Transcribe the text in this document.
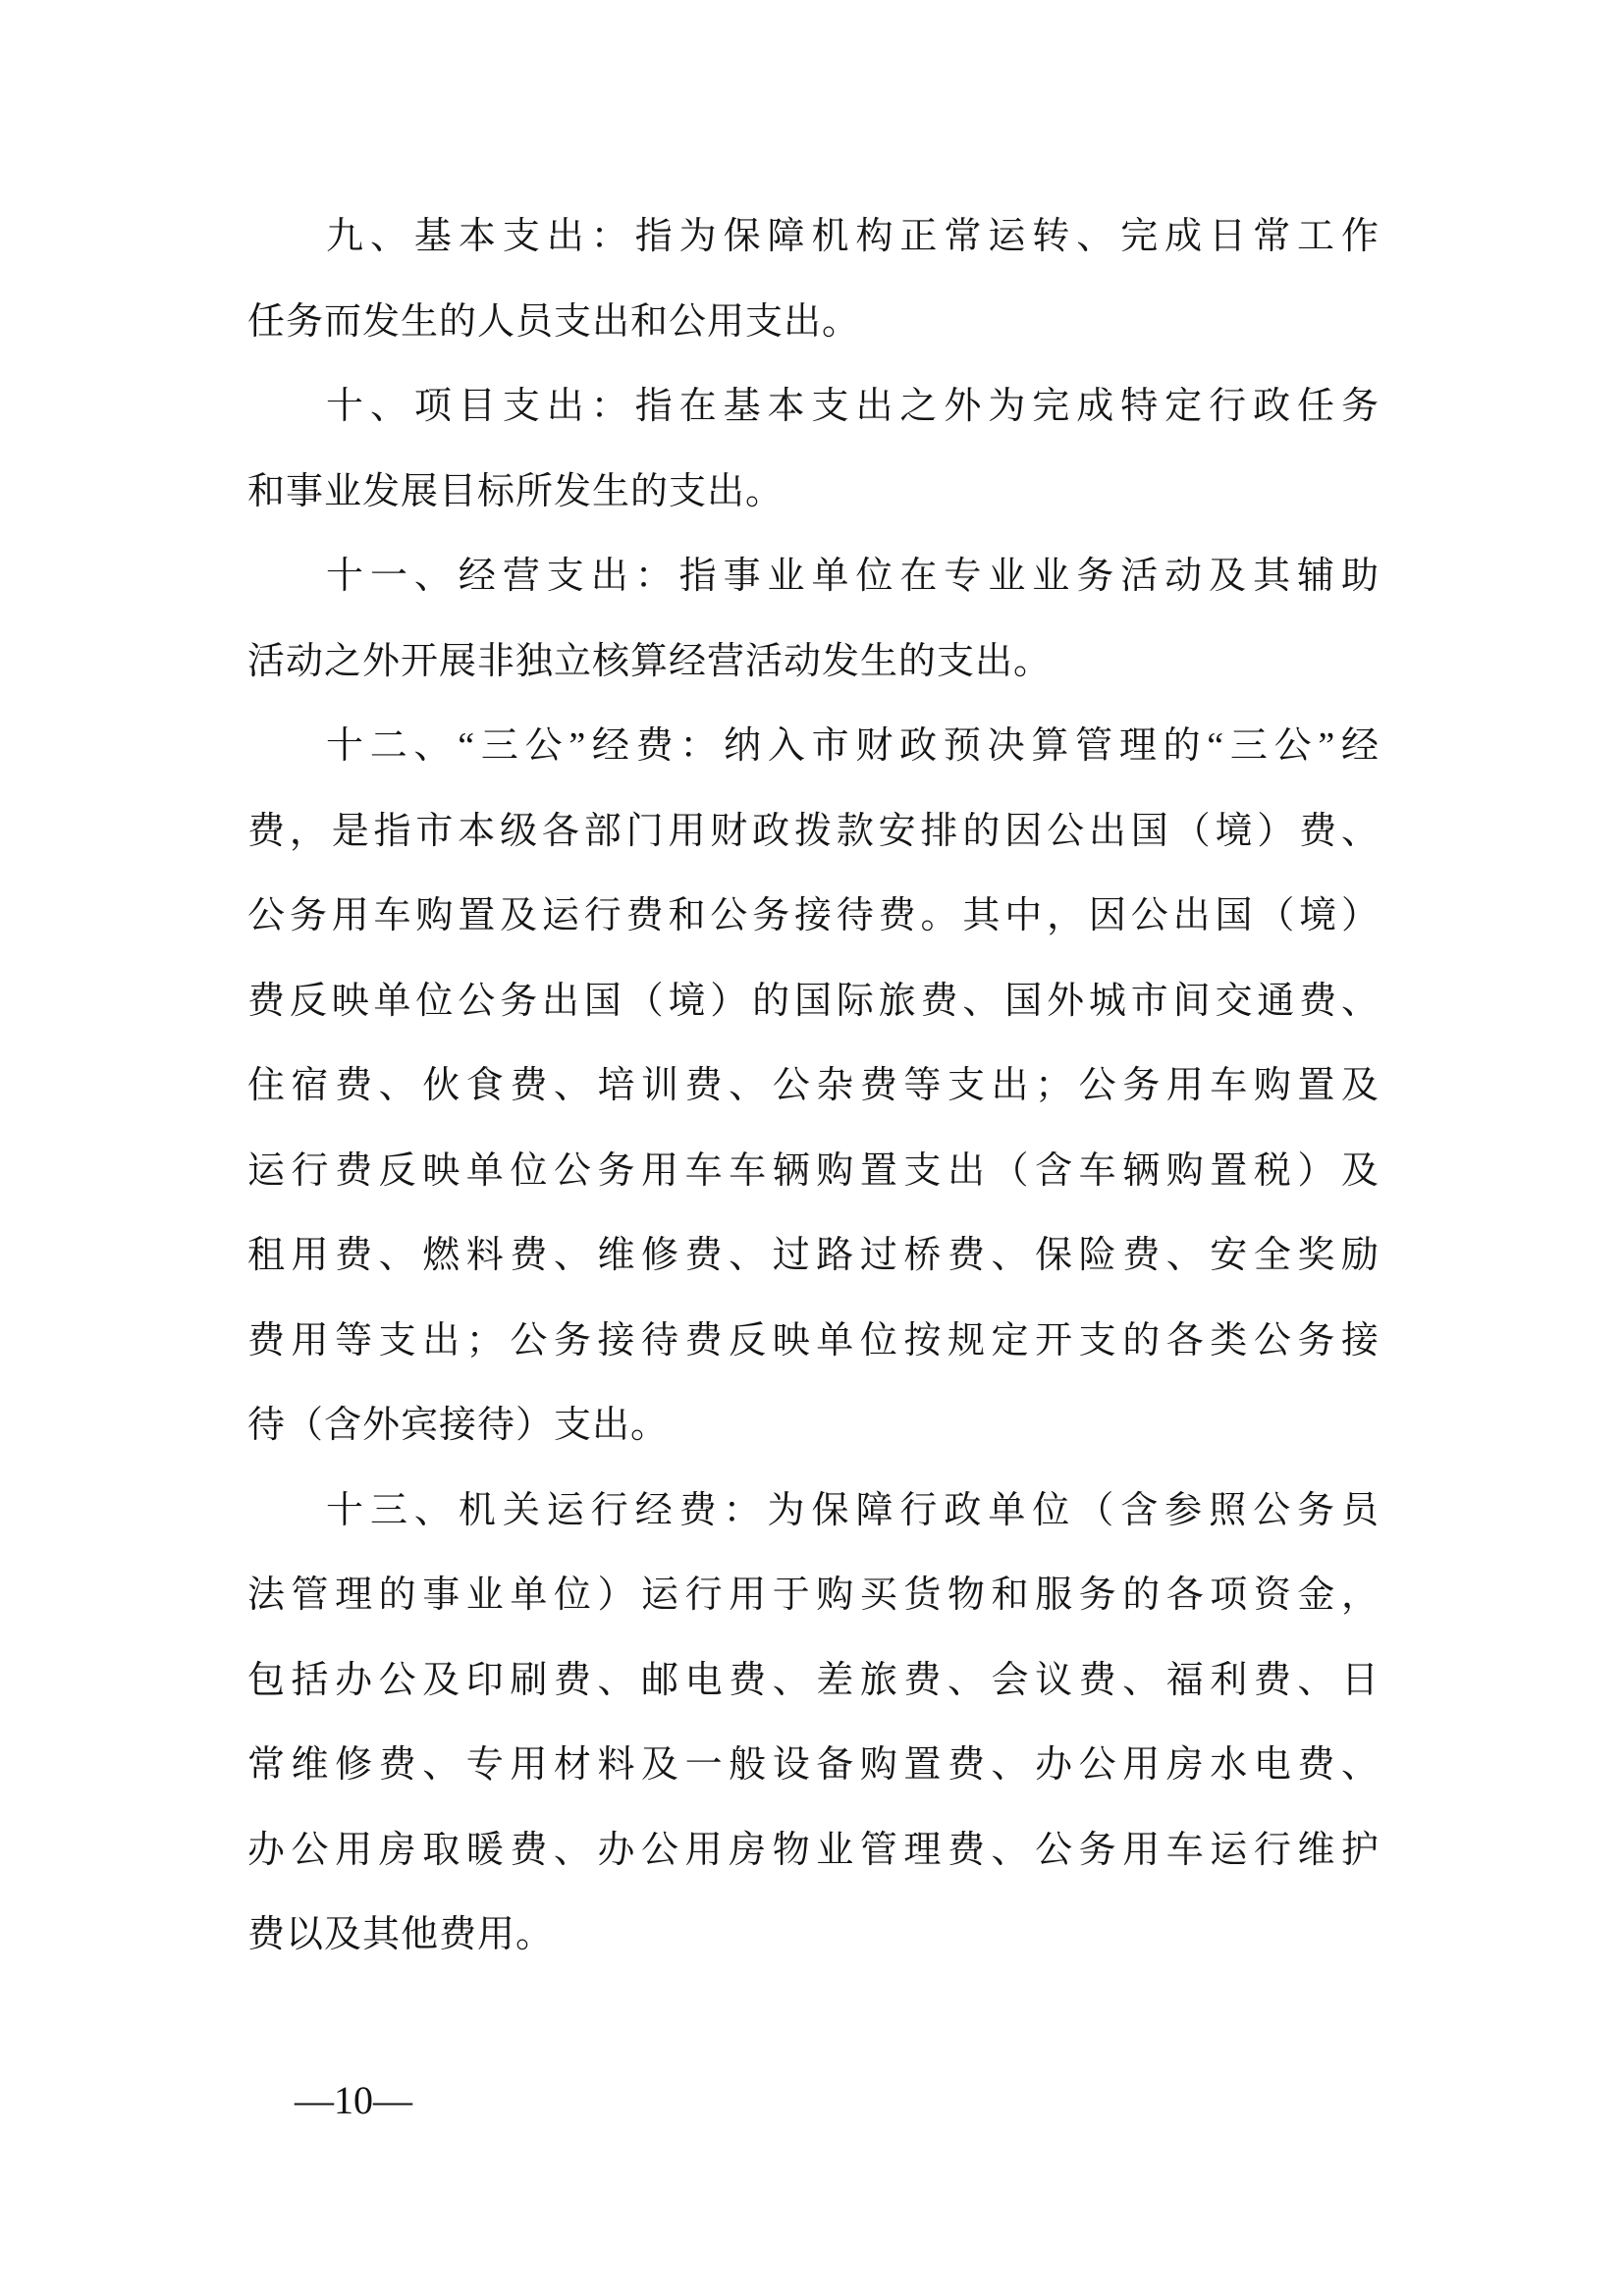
九、基本支出：指为保障机构正常运转、完成日常工作
任务而发生的人员支出和公用支出。
十、项目支出：指在基本支出之外为完成特定行政任务
和事业发展目标所发生的支出。
十一、经营支出：指事业单位在专业业务活动及其辅助
活动之外开展非独立核算经营活动发生的支出。
十二、“三公”经费：纳入市财政预决算管理的“三公”经
费，是指市本级各部门用财政拨款安排的因公出国（境）费、
公务用车购置及运行费和公务接待费。其中，因公出国（境）
费反映单位公务出国（境）的国际旅费、国外城市间交通费、
住宿费、伙食费、培训费、公杂费等支出；公务用车购置及
运行费反映单位公务用车车辆购置支出（含车辆购置税）及
租用费、燃料费、维修费、过路过桥费、保险费、安全奖励
费用等支出；公务接待费反映单位按规定开支的各类公务接
待（含外宾接待）支出。
十三、机关运行经费：为保障行政单位（含参照公务员
法管理的事业单位）运行用于购买货物和服务的各项资金，
包括办公及印刷费、邮电费、差旅费、会议费、福利费、日
常维修费、专用材料及一般设备购置费、办公用房水电费、
办公用房取暖费、办公用房物业管理费、公务用车运行维护
费以及其他费用。
—10—
